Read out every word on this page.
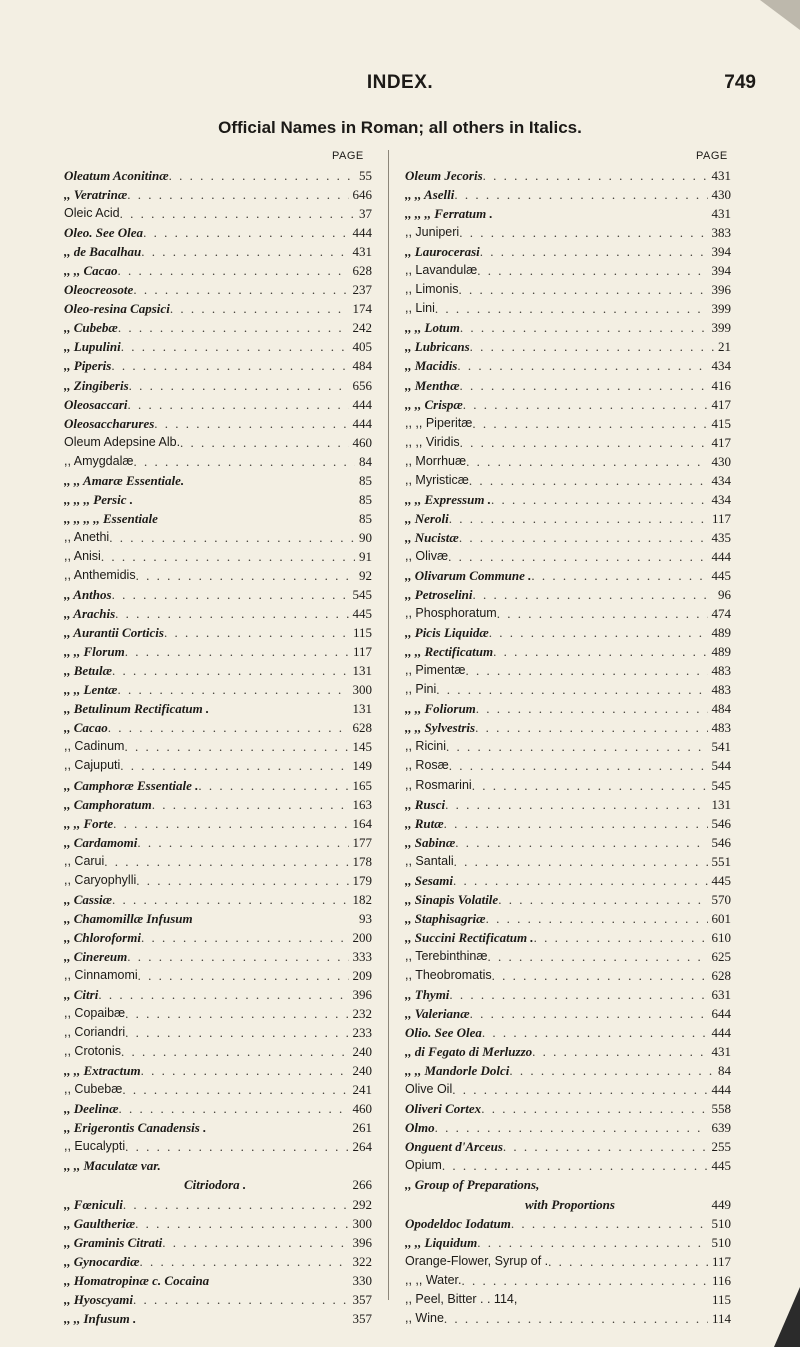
INDEX.	749
Official Names in Roman; all others in Italics.
PAGE	PAGE
Oleatum Aconitinæ . . .	55
,, Veratrinæ . . .	646
Oleic Acid . . .	37
Oleo. See Olea . . .	444
,, de Bacalhau . . .	431
,, ,, Cacao . . .	628
Oleocreosote . . .	237
Oleo-resina Capsici . . .	174
,, Cubebæ . . .	242
,, Lupulini . . .	405
,, Piperis . . .	484
,, Zingiberis . . .	656
Oleosaccari . . .	444
Oleosaccharures . . .	444
Oleum Adepsine Alb. . . .	460
,, Amygdalæ . . .	84
,, ,, Amaræ Essentiale.	85
,, ,, ,, Persic .	85
,, ,, ,, ,, Essentiale	85
,, Anethi . . .	90
,, Anisi . . .	91
,, Anthemidis . . .	92
,, Anthos . . .	545
,, Arachis . . .	445
,, Aurantii Corticis . . .	115
,, ,, Florum . . .	117
,, Betulæ . . .	131
,, ,, Lentæ . . .	300
,, Betulinum Rectificatum .	131
,, Cacao . . .	628
,, Cadinum . . .	145
,, Cajuputi . . .	149
,, Camphoræ Essentiale . . . .	165
,, Camphoratum . . .	163
,, ,, Forte . . .	164
,, Cardamomi . . .	177
,, Carui . . .	178
,, Caryophylli . . .	179
,, Cassiæ . . .	182
,, Chamomillæ Infusum	93
,, Chloroformi . . .	200
,, Cinereum . . .	333
,, Cinnamomi . . .	209
,, Citri . . .	396
,, Copaibæ . . .	232
,, Coriandri . . .	233
,, Crotonis . . .	240
,, ,, Extractum . . .	240
,, Cubebæ . . .	241
,, Deelinæ . . .	460
,, Erigerontis Canadensis .	261
,, Eucalypti . . .	264
,, ,, Maculatæ var.
Citriodora .	266
,, Fœniculi . . .	292
,, Gaultheriæ . . .	300
,, Graminis Citrati . . .	396
,, Gynocardiæ . . .	322
,, Homatropinæ c. Cocaina	330
,, Hyoscyami . . .	357
,, ,, Infusum .	357
Oleum Jecoris . . .	431
,, ,, Aselli . . .	430
,, ,, ,, Ferratum .	431
,, Juniperi . . .	383
,, Laurocerasi . . .	394
,, Lavandulæ . . .	394
,, Limonis . . .	396
,, Lini . . .	399
,, ,, Lotum . . .	399
,, Lubricans . . .	21
,, Macidis . . .	434
,, Menthæ . . .	416
,, ,, Crispæ . . .	417
,, ,, Piperitæ . . .	415
,, ,, Viridis . . .	417
,, Morrhuæ . . .	430
,, Myristicæ . . .	434
,, ,, Expressum . . . .	434
,, Neroli . . .	117
,, Nucistæ . . .	435
,, Olivæ . . .	444
,, Olivarum Commune . . . .	445
,, Petroselini . . .	96
,, Phosphoratum . . .	474
,, Picis Liquidæ . . .	489
,, ,, Rectificatum . . .	489
,, Pimentæ . . .	483
,, Pini . . .	483
,, ,, Foliorum . . .	484
,, ,, Sylvestris . . .	483
,, Ricini . . .	541
,, Rosæ . . .	544
,, Rosmarini . . .	545
,, Rusci . . .	131
,, Rutæ . . .	546
,, Sabinæ . . .	546
,, Santali . . .	551
,, Sesami . . .	445
,, Sinapis Volatile . . .	570
,, Staphisagriæ . . .	601
,, Succini Rectificatum . . . .	610
,, Terebinthinæ . . .	625
,, Theobromatis . . .	628
,, Thymi . . .	631
,, Valerianæ . . .	644
Olio. See Olea . . .	444
,, di Fegato di Merluzzo . . .	431
,, ,, Mandorle Dolci . . .	84
Olive Oil . . .	444
Oliveri Cortex . . .	558
Olmo . . .	639
Onguent d'Arceus . . .	255
Opium . . .	445
,, Group of Preparations,
with Proportions	449
Opodeldoc Iodatum . . .	510
,, ,, Liquidum . . .	510
Orange-Flower, Syrup of . . . .	117
,, ,, Water. . . .	116
,, Peel, Bitter . . 114,	115
,, Wine . . .	114
